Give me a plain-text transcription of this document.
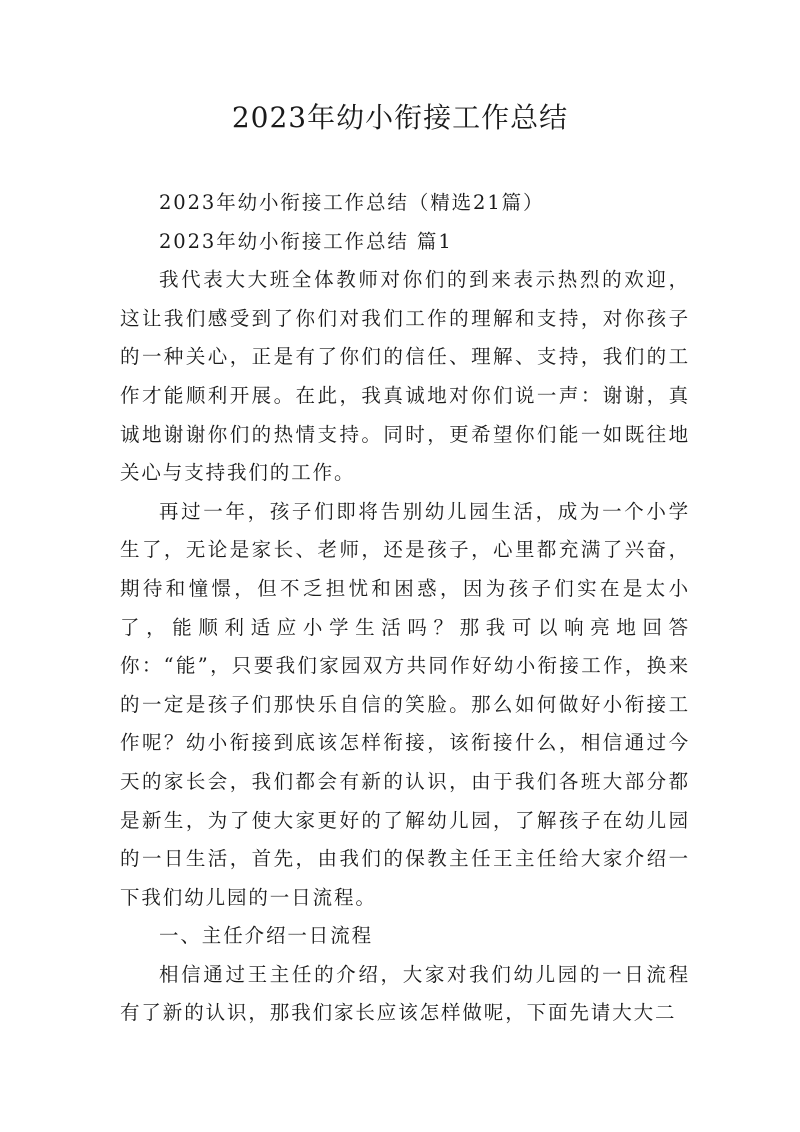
2023年幼小衔接工作总结

2023年幼小衔接工作总结（精选21篇）

2023年幼小衔接工作总结 篇1

我代表大大班全体教师对你们的到来表示热烈的欢迎，这让我们感受到了你们对我们工作的理解和支持，对你孩子的一种关心，正是有了你们的信任、理解、支持，我们的工作才能顺利开展。在此，我真诚地对你们说一声：谢谢，真诚地谢谢你们的热情支持。同时，更希望你们能一如既往地关心与支持我们的工作。

再过一年，孩子们即将告别幼儿园生活，成为一个小学生了，无论是家长、老师，还是孩子，心里都充满了兴奋，期待和憧憬，但不乏担忧和困惑，因为孩子们实在是太小了，能顺利适应小学生活吗？那我可以响亮地回答你：“能”，只要我们家园双方共同作好幼小衔接工作，换来的一定是孩子们那快乐自信的笑脸。那么如何做好小衔接工作呢？幼小衔接到底该怎样衔接，该衔接什么，相信通过今天的家长会，我们都会有新的认识，由于我们各班大部分都是新生，为了使大家更好的了解幼儿园，了解孩子在幼儿园的一日生活，首先，由我们的保教主任王主任给大家介绍一下我们幼儿园的一日流程。

一、主任介绍一日流程

相信通过王主任的介绍，大家对我们幼儿园的一日流程有了新的认识，那我们家长应该怎样做呢，下面先请大大二
